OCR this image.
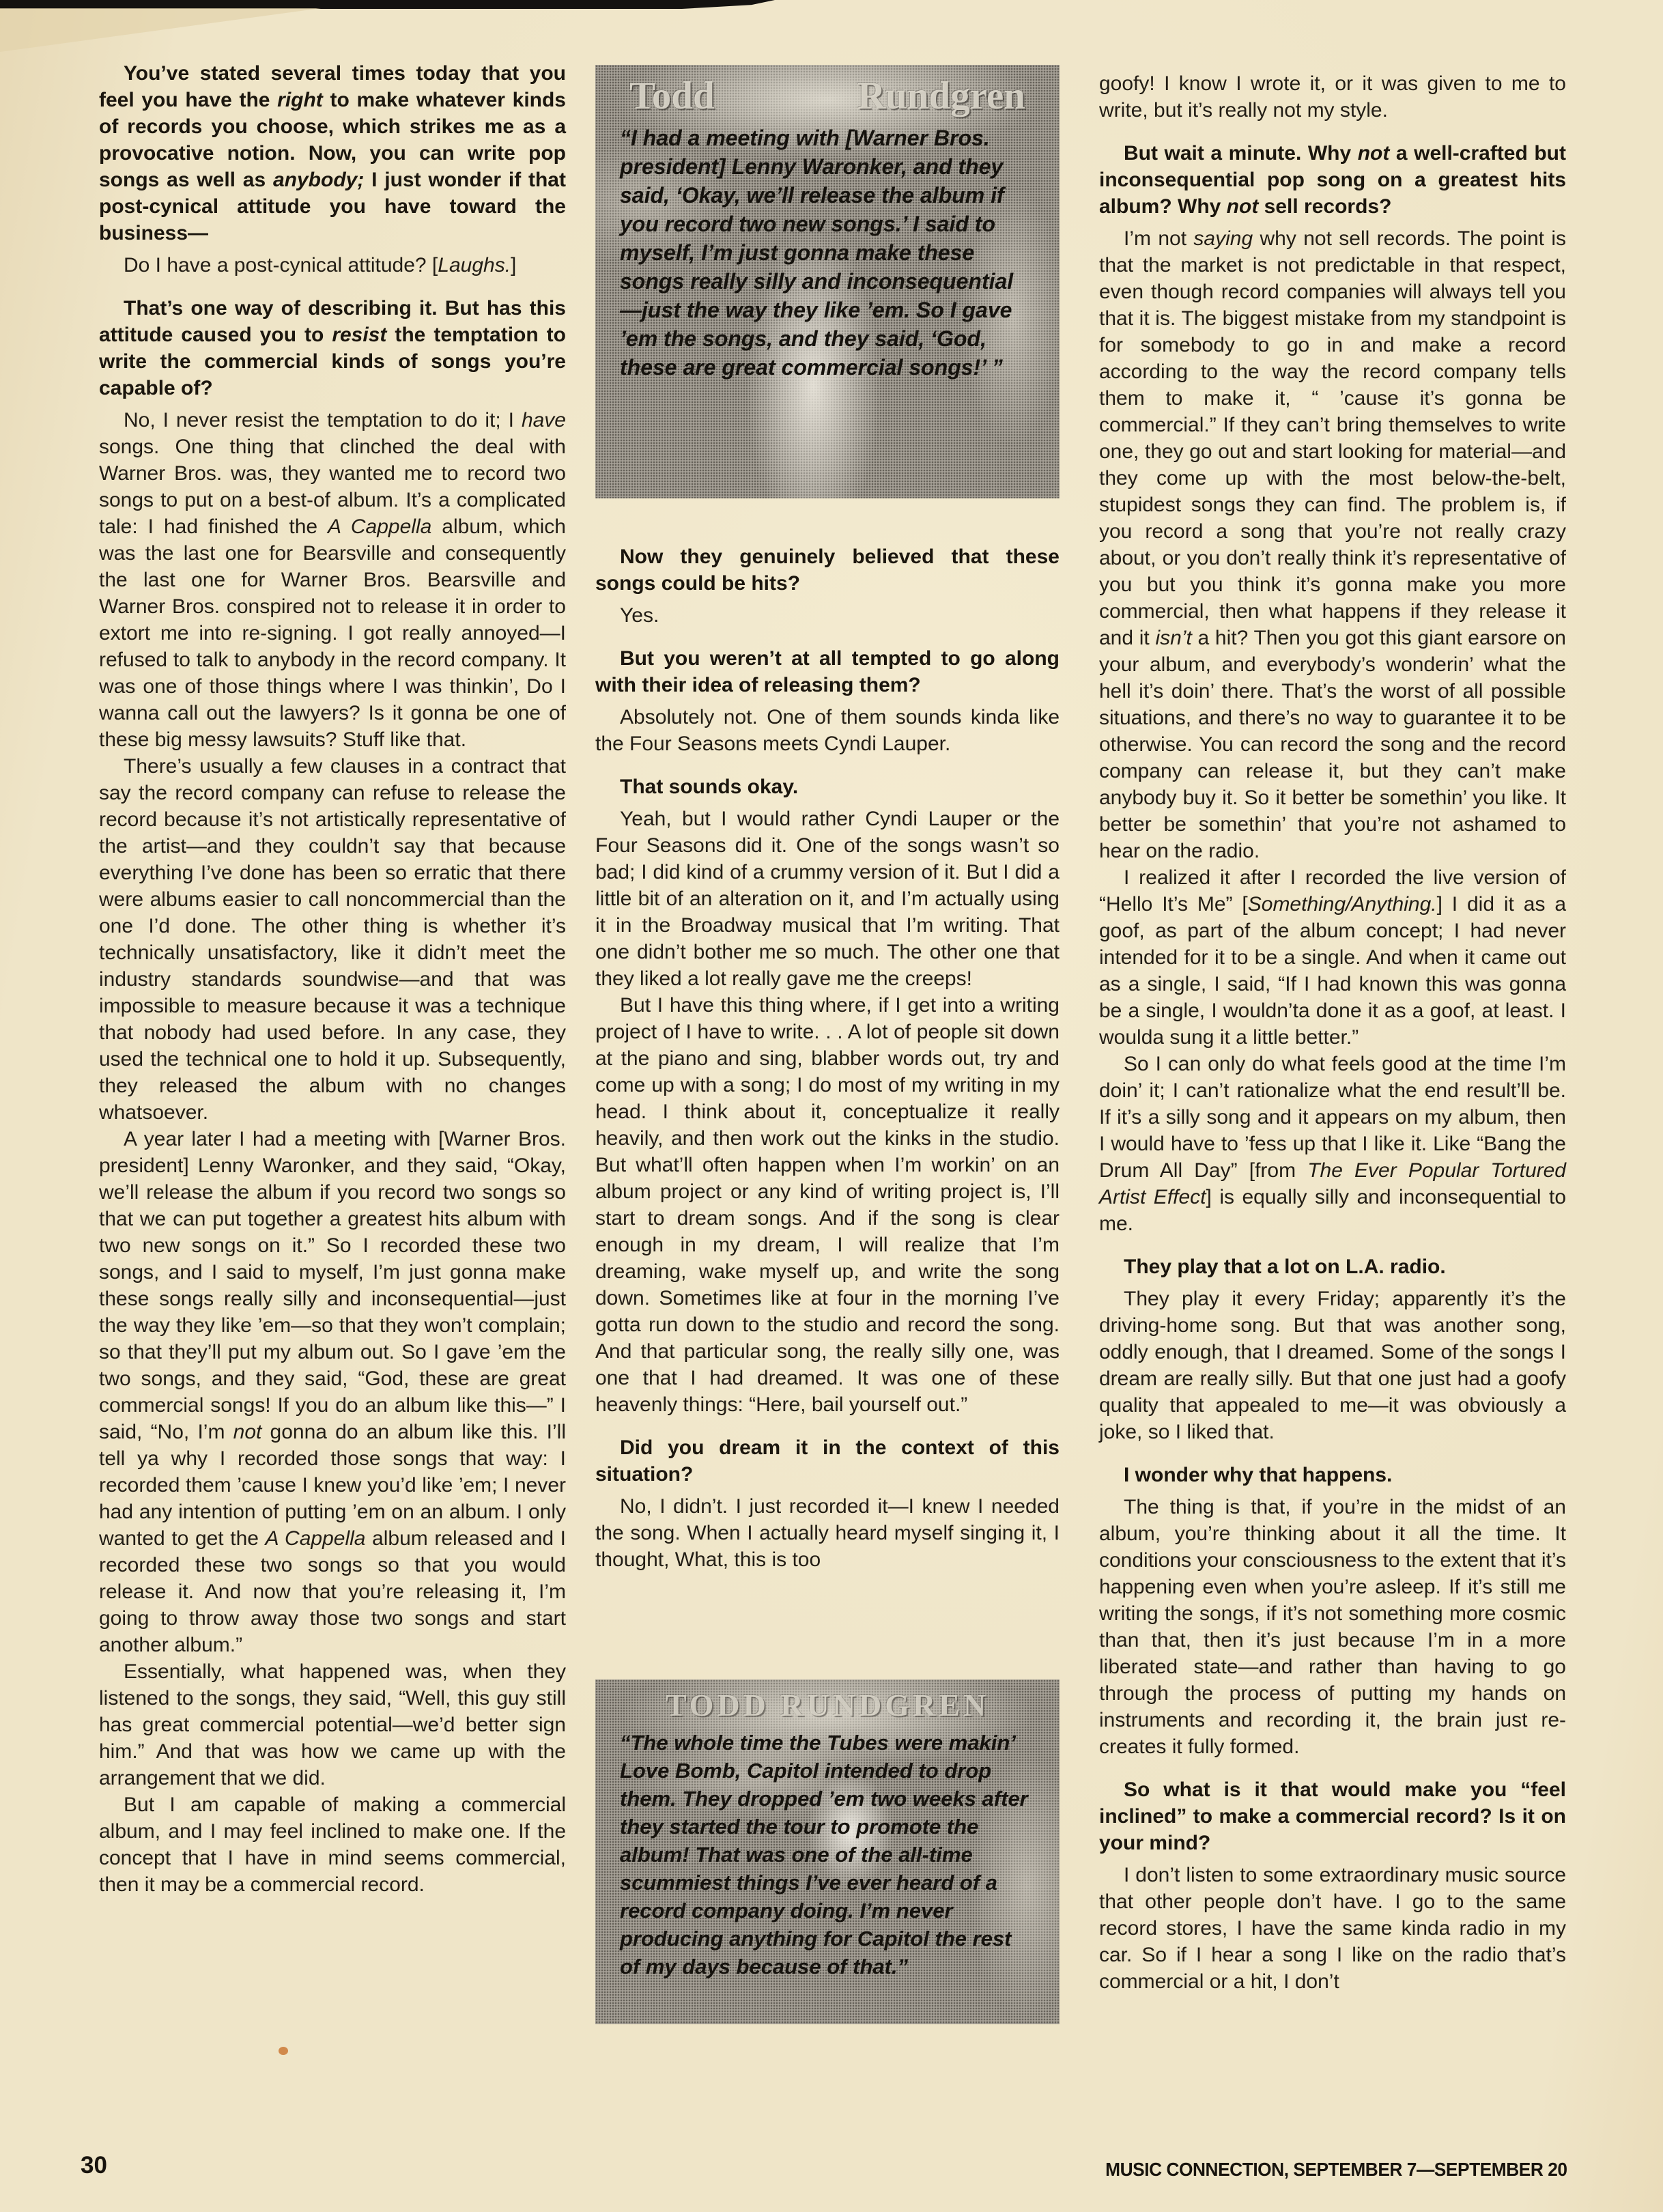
You’ve stated several times today that you feel you have the right to make whatever kinds of records you choose, which strikes me as a provocative notion. Now, you can write pop songs as well as anybody; I just wonder if that post-cynical attitude you have toward the business—

Do I have a post-cynical attitude? [Laughs.]

That’s one way of describing it. But has this attitude caused you to resist the temptation to write the commercial kinds of songs you’re capable of?

No, I never resist the temptation to do it; I have songs. One thing that clinched the deal with Warner Bros. was, they wanted me to record two songs to put on a best-of album. It’s a complicated tale: I had finished the A Cappella album, which was the last one for Bearsville and consequently the last one for Warner Bros. Bearsville and Warner Bros. conspired not to release it in order to extort me into re-signing. I got really annoyed—I refused to talk to anybody in the record company. It was one of those things where I was thinkin’, Do I wanna call out the lawyers? Is it gonna be one of these big messy lawsuits? Stuff like that.

There’s usually a few clauses in a contract that say the record company can refuse to release the record because it’s not artistically representative of the artist—and they couldn’t say that because everything I’ve done has been so erratic that there were albums easier to call noncommercial than the one I’d done. The other thing is whether it’s technically unsatisfactory, like it didn’t meet the industry standards soundwise—and that was impossible to measure because it was a technique that nobody had used before. In any case, they used the technical one to hold it up. Subsequently, they released the album with no changes whatsoever.

A year later I had a meeting with [Warner Bros. president] Lenny Waronker, and they said, “Okay, we’ll release the album if you record two songs so that we can put together a greatest hits album with two new songs on it.” So I recorded these two songs, and I said to myself, I’m just gonna make these songs really silly and inconsequential—just the way they like ’em—so that they won’t complain; so that they’ll put my album out. So I gave ’em the two songs, and they said, “God, these are great commercial songs! If you do an album like this—” I said, “No, I’m not gonna do an album like this. I’ll tell ya why I recorded those songs that way: I recorded them ’cause I knew you’d like ’em; I never had any intention of putting ’em on an album. I only wanted to get the A Cappella album released and I recorded these two songs so that you would release it. And now that you’re releasing it, I’m going to throw away those two songs and start another album.”

Essentially, what happened was, when they listened to the songs, they said, “Well, this guy still has great commercial potential—we’d better sign him.” And that was how we came up with the arrangement that we did.

But I am capable of making a commercial album, and I may feel inclined to make one. If the concept that I have in mind seems commercial, then it may be a commercial record.

Todd	Rundgren
“I had a meeting with [Warner Bros. president] Lenny Waronker, and they said, ‘Okay, we’ll release the album if you record two new songs.’ I said to myself, I’m just gonna make these songs really silly and inconsequential—just the way they like ’em. So I gave ’em the songs, and they said, ‘God, these are great commercial songs!’ ”

Now they genuinely believed that these songs could be hits?

Yes.

But you weren’t at all tempted to go along with their idea of releasing them?

Absolutely not. One of them sounds kinda like the Four Seasons meets Cyndi Lauper.

That sounds okay.

Yeah, but I would rather Cyndi Lauper or the Four Seasons did it. One of the songs wasn’t so bad; I did kind of a crummy version of it. But I did a little bit of an alteration on it, and I’m actually using it in the Broadway musical that I’m writing. That one didn’t bother me so much. The other one that they liked a lot really gave me the creeps!

But I have this thing where, if I get into a writing project of I have to write. . . A lot of people sit down at the piano and sing, blabber words out, try and come up with a song; I do most of my writing in my head. I think about it, conceptualize it really heavily, and then work out the kinks in the studio. But what’ll often happen when I’m workin’ on an album project or any kind of writing project is, I’ll start to dream songs. And if the song is clear enough in my dream, I will realize that I’m dreaming, wake myself up, and write the song down. Sometimes like at four in the morning I’ve gotta run down to the studio and record the song. And that particular song, the really silly one, was one that I had dreamed. It was one of these heavenly things: “Here, bail yourself out.”

Did you dream it in the context of this situation?

No, I didn’t. I just recorded it—I knew I needed the song. When I actually heard myself singing it, I thought, What, this is too

TODD RUNDGREN
“The whole time the Tubes were makin’ Love Bomb, Capitol intended to drop them. They dropped ’em two weeks after they started the tour to promote the album! That was one of the all-time scummiest things I’ve ever heard of a record company doing. I’m never producing anything for Capitol the rest of my days because of that.”

goofy! I know I wrote it, or it was given to me to write, but it’s really not my style.

But wait a minute. Why not a well-crafted but inconsequential pop song on a greatest hits album? Why not sell records?

I’m not saying why not sell records. The point is that the market is not predictable in that respect, even though record companies will always tell you that it is. The biggest mistake from my standpoint is for somebody to go in and make a record according to the way the record company tells them to make it, “ ’cause it’s gonna be commercial.” If they can’t bring themselves to write one, they go out and start looking for material—and they come up with the most below-the-belt, stupidest songs they can find. The problem is, if you record a song that you’re not really crazy about, or you don’t really think it’s representative of you but you think it’s gonna make you more commercial, then what happens if they release it and it isn’t a hit? Then you got this giant earsore on your album, and everybody’s wonderin’ what the hell it’s doin’ there. That’s the worst of all possible situations, and there’s no way to guarantee it to be otherwise. You can record the song and the record company can release it, but they can’t make anybody buy it. So it better be somethin’ you like. It better be somethin’ that you’re not ashamed to hear on the radio.

I realized it after I recorded the live version of “Hello It’s Me” [Something/Anything.] I did it as a goof, as part of the album concept; I had never intended for it to be a single. And when it came out as a single, I said, “If I had known this was gonna be a single, I wouldn’ta done it as a goof, at least. I woulda sung it a little better.”

So I can only do what feels good at the time I’m doin’ it; I can’t rationalize what the end result’ll be. If it’s a silly song and it appears on my album, then I would have to ’fess up that I like it. Like “Bang the Drum All Day” [from The Ever Popular Tortured Artist Effect] is equally silly and inconsequential to me.

They play that a lot on L.A. radio.

They play it every Friday; apparently it’s the driving-home song. But that was another song, oddly enough, that I dreamed. Some of the songs I dream are really silly. But that one just had a goofy quality that appealed to me—it was obviously a joke, so I liked that.

I wonder why that happens.

The thing is that, if you’re in the midst of an album, you’re thinking about it all the time. It conditions your consciousness to the extent that it’s happening even when you’re asleep. If it’s still me writing the songs, if it’s not something more cosmic than that, then it’s just because I’m in a more liberated state—and rather than having to go through the process of putting my hands on instruments and recording it, the brain just re-creates it fully formed.

So what is it that would make you “feel inclined” to make a commercial record? Is it on your mind?

I don’t listen to some extraordinary music source that other people don’t have. I go to the same record stores, I have the same kinda radio in my car. So if I hear a song I like on the radio that’s commercial or a hit, I don’t

30	MUSIC CONNECTION, SEPTEMBER 7—SEPTEMBER 20
